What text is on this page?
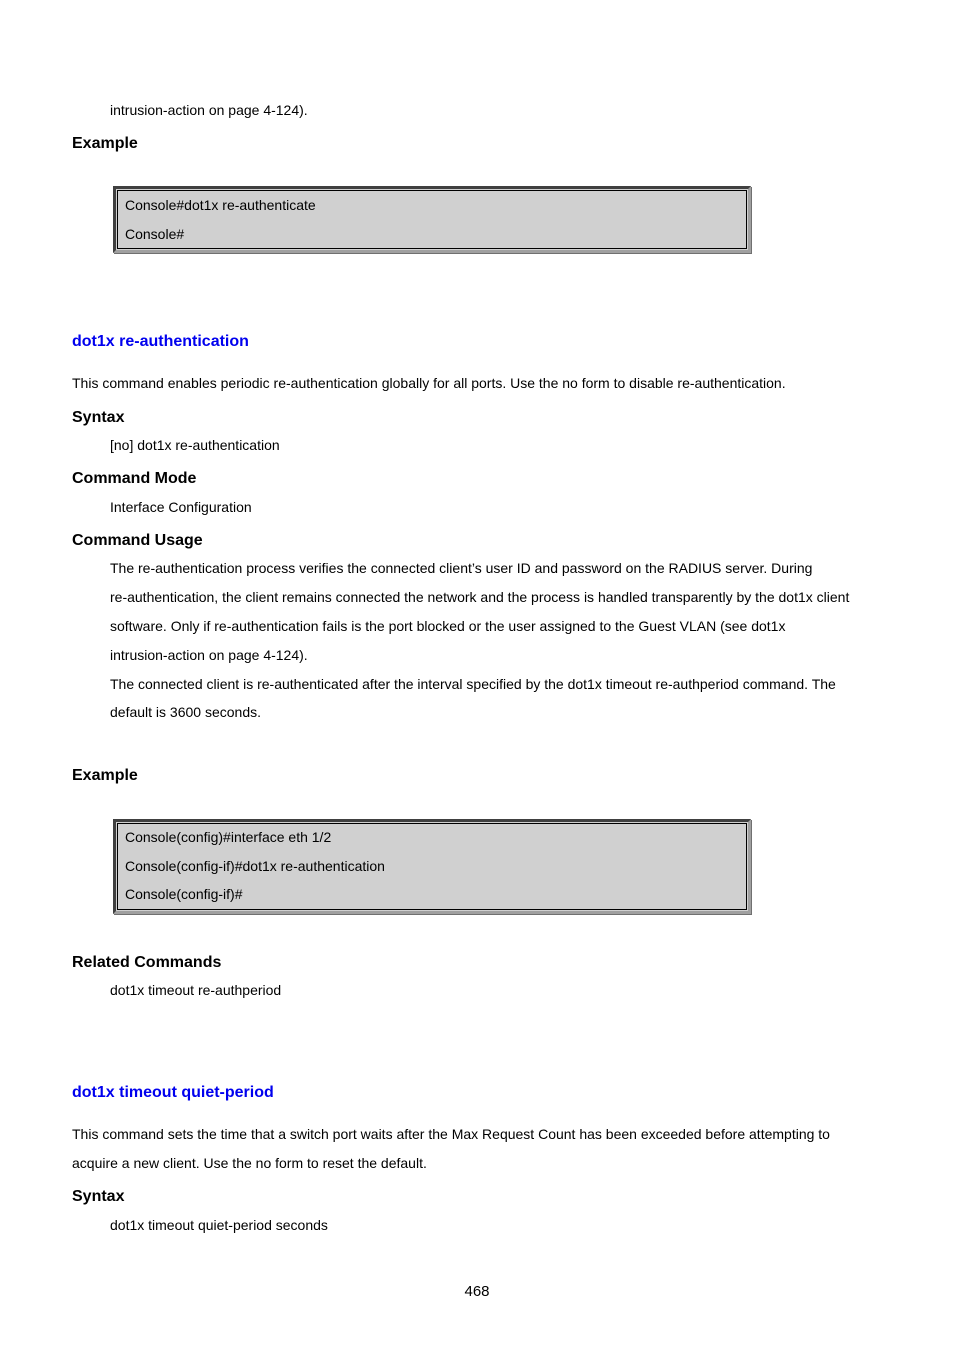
intrusion-action on page 4-124).
Example
Console#dot1x re-authenticate
Console#
dot1x re-authentication
This command enables periodic re-authentication globally for all ports. Use the no form to disable re-authentication.
Syntax
[no] dot1x re-authentication
Command Mode
Interface Configuration
Command Usage
The re-authentication process verifies the connected client’s user ID and password on the RADIUS server. During
re-authentication, the client remains connected the network and the process is handled transparently by the dot1x client
software. Only if re-authentication fails is the port blocked or the user assigned to the Guest VLAN (see dot1x
intrusion-action on page 4-124).
The connected client is re-authenticated after the interval specified by the dot1x timeout re-authperiod command. The
default is 3600 seconds.
Example
Console(config)#interface eth 1/2
Console(config-if)#dot1x re-authentication
Console(config-if)#
Related Commands
dot1x timeout re-authperiod
dot1x timeout quiet-period
This command sets the time that a switch port waits after the Max Request Count has been exceeded before attempting to
acquire a new client. Use the no form to reset the default.
Syntax
dot1x timeout quiet-period seconds
468
